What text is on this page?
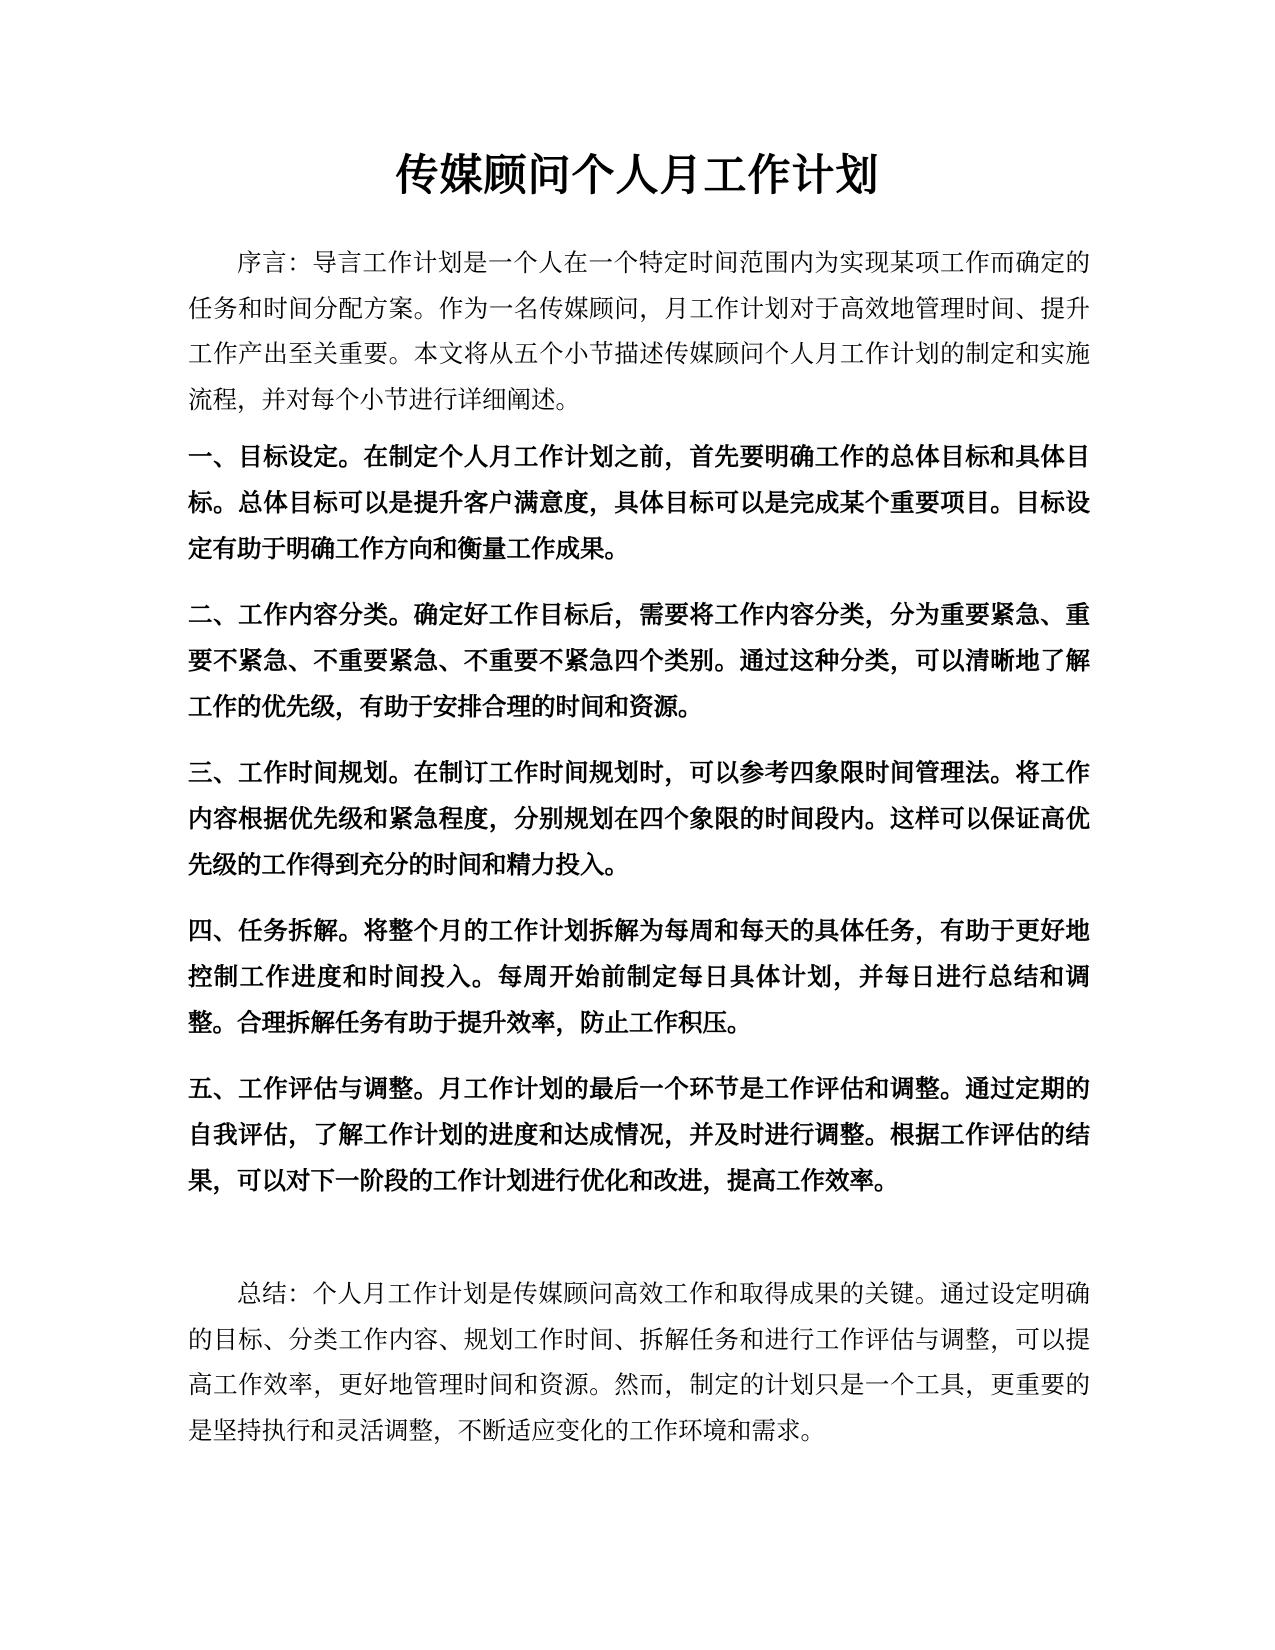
传媒顾问个人月工作计划

序言：导言工作计划是一个人在一个特定时间范围内为实现某项工作而确定的任务和时间分配方案。作为一名传媒顾问，月工作计划对于高效地管理时间、提升工作产出至关重要。本文将从五个小节描述传媒顾问个人月工作计划的制定和实施流程，并对每个小节进行详细阐述。

一、目标设定。在制定个人月工作计划之前，首先要明确工作的总体目标和具体目标。总体目标可以是提升客户满意度，具体目标可以是完成某个重要项目。目标设定有助于明确工作方向和衡量工作成果。

二、工作内容分类。确定好工作目标后，需要将工作内容分类，分为重要紧急、重要不紧急、不重要紧急、不重要不紧急四个类别。通过这种分类，可以清晰地了解工作的优先级，有助于安排合理的时间和资源。

三、工作时间规划。在制订工作时间规划时，可以参考四象限时间管理法。将工作内容根据优先级和紧急程度，分别规划在四个象限的时间段内。这样可以保证高优先级的工作得到充分的时间和精力投入。

四、任务拆解。将整个月的工作计划拆解为每周和每天的具体任务，有助于更好地控制工作进度和时间投入。每周开始前制定每日具体计划，并每日进行总结和调整。合理拆解任务有助于提升效率，防止工作积压。

五、工作评估与调整。月工作计划的最后一个环节是工作评估和调整。通过定期的自我评估，了解工作计划的进度和达成情况，并及时进行调整。根据工作评估的结果，可以对下一阶段的工作计划进行优化和改进，提高工作效率。

总结：个人月工作计划是传媒顾问高效工作和取得成果的关键。通过设定明确的目标、分类工作内容、规划工作时间、拆解任务和进行工作评估与调整，可以提高工作效率，更好地管理时间和资源。然而，制定的计划只是一个工具，更重要的是坚持执行和灵活调整，不断适应变化的工作环境和需求。
